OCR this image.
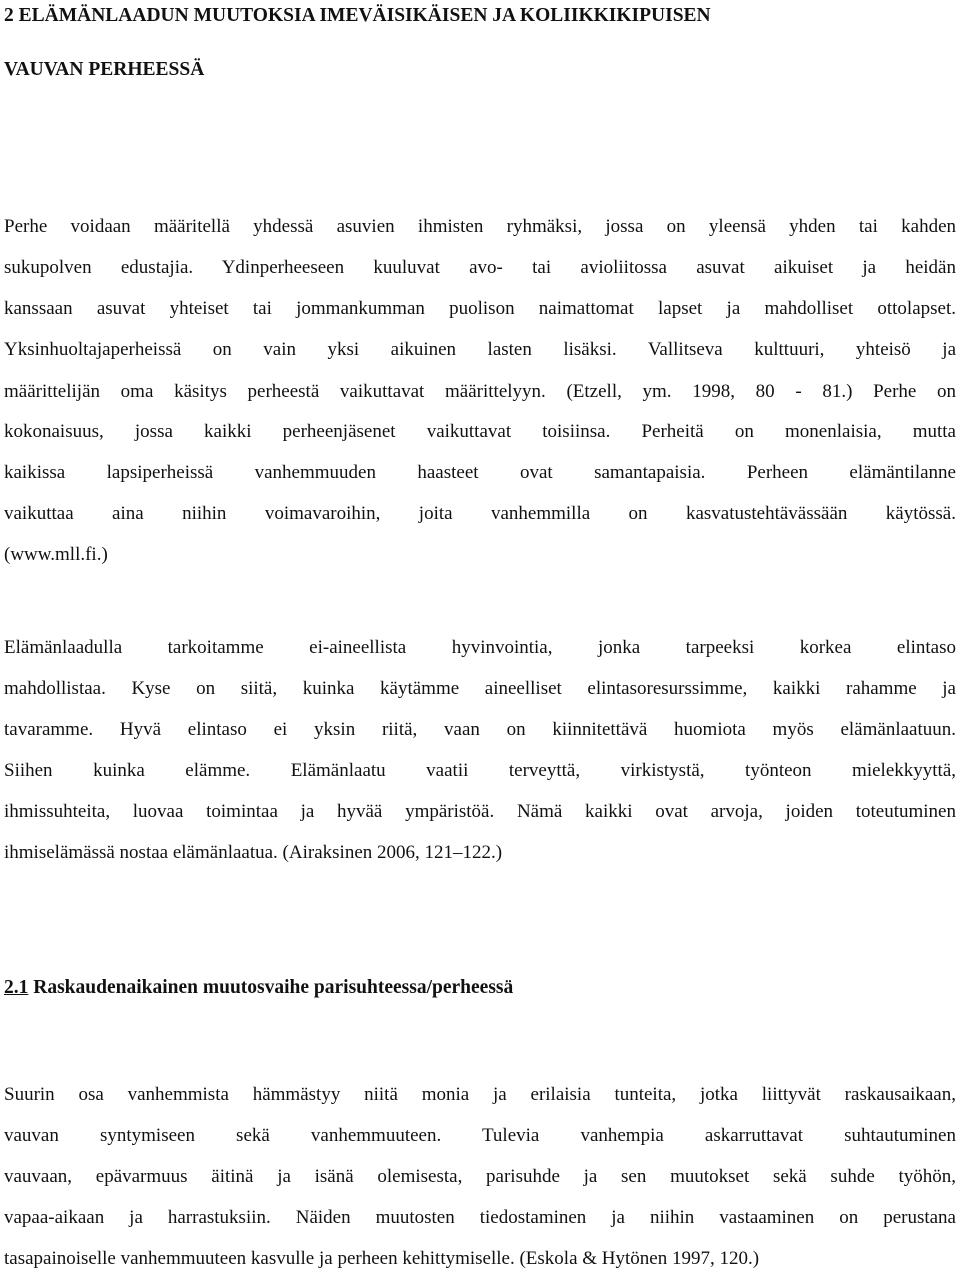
2 ELÄMÄNLAADUN MUUTOKSIA IMEVÄISIKÄISEN JA KOLIIKKIKIPUISEN
VAUVAN PERHEESSÄ
Perhe voidaan määritellä yhdessä asuvien ihmisten ryhmäksi, jossa on yleensä yhden tai kahden
sukupolven edustajia. Ydinperheeseen kuuluvat avo- tai avioliitossa asuvat aikuiset ja heidän
kanssaan asuvat yhteiset tai jommankumman puolison naimattomat lapset ja mahdolliset ottolapset.
Yksinhuoltajaperheissä on vain yksi aikuinen lasten lisäksi. Vallitseva kulttuuri, yhteisö ja
määrittelijän oma käsitys perheestä vaikuttavat määrittelyyn. (Etzell, ym. 1998, 80 - 81.) Perhe on
kokonaisuus, jossa kaikki perheenjäsenet vaikuttavat toisiinsa. Perheitä on monenlaisia, mutta
kaikissa lapsiperheissä vanhemmuuden haasteet ovat samantapaisia. Perheen elämäntilanne
vaikuttaa aina niihin voimavaroihin, joita vanhemmilla on kasvatustehtävässään käytössä.
(www.mll.fi.)
Elämänlaadulla tarkoitamme ei-aineellista hyvinvointia, jonka tarpeeksi korkea elintaso
mahdollistaa. Kyse on siitä, kuinka käytämme aineelliset elintasoresurssimme, kaikki rahamme ja
tavaramme. Hyvä elintaso ei yksin riitä, vaan on kiinnitettävä huomiota myös elämänlaatuun.
Siihen kuinka elämme. Elämänlaatu vaatii terveyttä, virkistystä, työnteon mielekkyyttä,
ihmissuhteita, luovaa toimintaa ja hyvää ympäristöä. Nämä kaikki ovat arvoja, joiden toteutuminen
ihmiselämässä nostaa elämänlaatua. (Airaksinen 2006, 121–122.)
2.1 Raskaudenaikainen muutosvaihe parisuhteessa/perheessä
Suurin osa vanhemmista hämmästyy niitä monia ja erilaisia tunteita, jotka liittyvät raskausaikaan,
vauvan syntymiseen sekä vanhemmuuteen. Tulevia vanhempia askarruttavat suhtautuminen
vauvaan, epävarmuus äitinä ja isänä olemisesta, parisuhde ja sen muutokset sekä suhde työhön,
vapaa-aikaan ja harrastuksiin. Näiden muutosten tiedostaminen ja niihin vastaaminen on perustana
tasapainoiselle vanhemmuuteen kasvulle ja perheen kehittymiselle. (Eskola & Hytönen 1997, 120.)
